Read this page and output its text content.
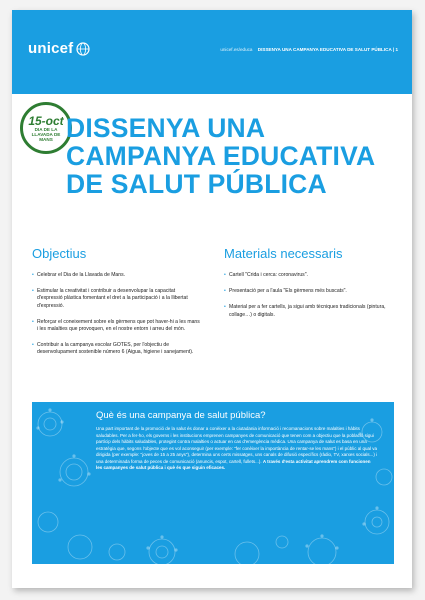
unicef	unicef.es/educa DISSENYA UNA CAMPANYA EDUCATIVA DE SALUT PÚBLICA | 1
15-oct
DIA DE LA LLAVADA DE MANS DISSENYA UNA CAMPANYA EDUCATIVA DE SALUT PÚBLICA
Objectius
• Celebrar el Dia de la Llavada de Mans.
• Estimular la creativitat i contribuir a desenvolupar la capacitat d'expressió plàstica fomentant el dret a la participació i a la llibertat d'expressió.
• Reforçar el coneixement sobre els gèrmens que pot haver-hi a les mans i les malalties que provoquen, en el nostre entorn i arreu del món.
• Contribuir a la campanya escolar GOTES, per l'objectiu de desenvolupament sostenible número 6 (Aigua, higiene i sanejament).
Materials necessaris
• Cartell "Crida i cerca: coronavirus".
• Presentació per a l'aula "Els gèrmens més buscats".
• Material per a fer cartells, ja sigui amb tècniques tradicionals (pintura, collage…) o digitals.
Què és una campanya de salut pública?

Una part important de la promoció de la salut és donar a conèixer a la ciutadania informació i recomanacions sobre malalties i hàbits saludables. Per a fer-ho, els governs i les institucions emprenen campanyes de comunicació que tenen com a objectiu que la població sigui partícip dels hàbits saludables, protegint contra malalties o actuar en cas d'emergència mèdica. Una campanya de salut es basa en una estratègia que, segons l'objecte que es vol aconseguir (per exemple: "fer conèixer la importància de rentar-se les mans") i el públic al qual va dirigida (per exemple: "joves de 15 a 25 anys"), determina uns certs missatges, uns canals de difusió específics (ràdio, TV, xarxes socials...) i una determinada forma de peces de comunicació (anuncis, espot, cartell, fullets...). A través d'esta activitat aprendrem com funcionen les campanyes de salut pública i què és que siguin eficaces.
